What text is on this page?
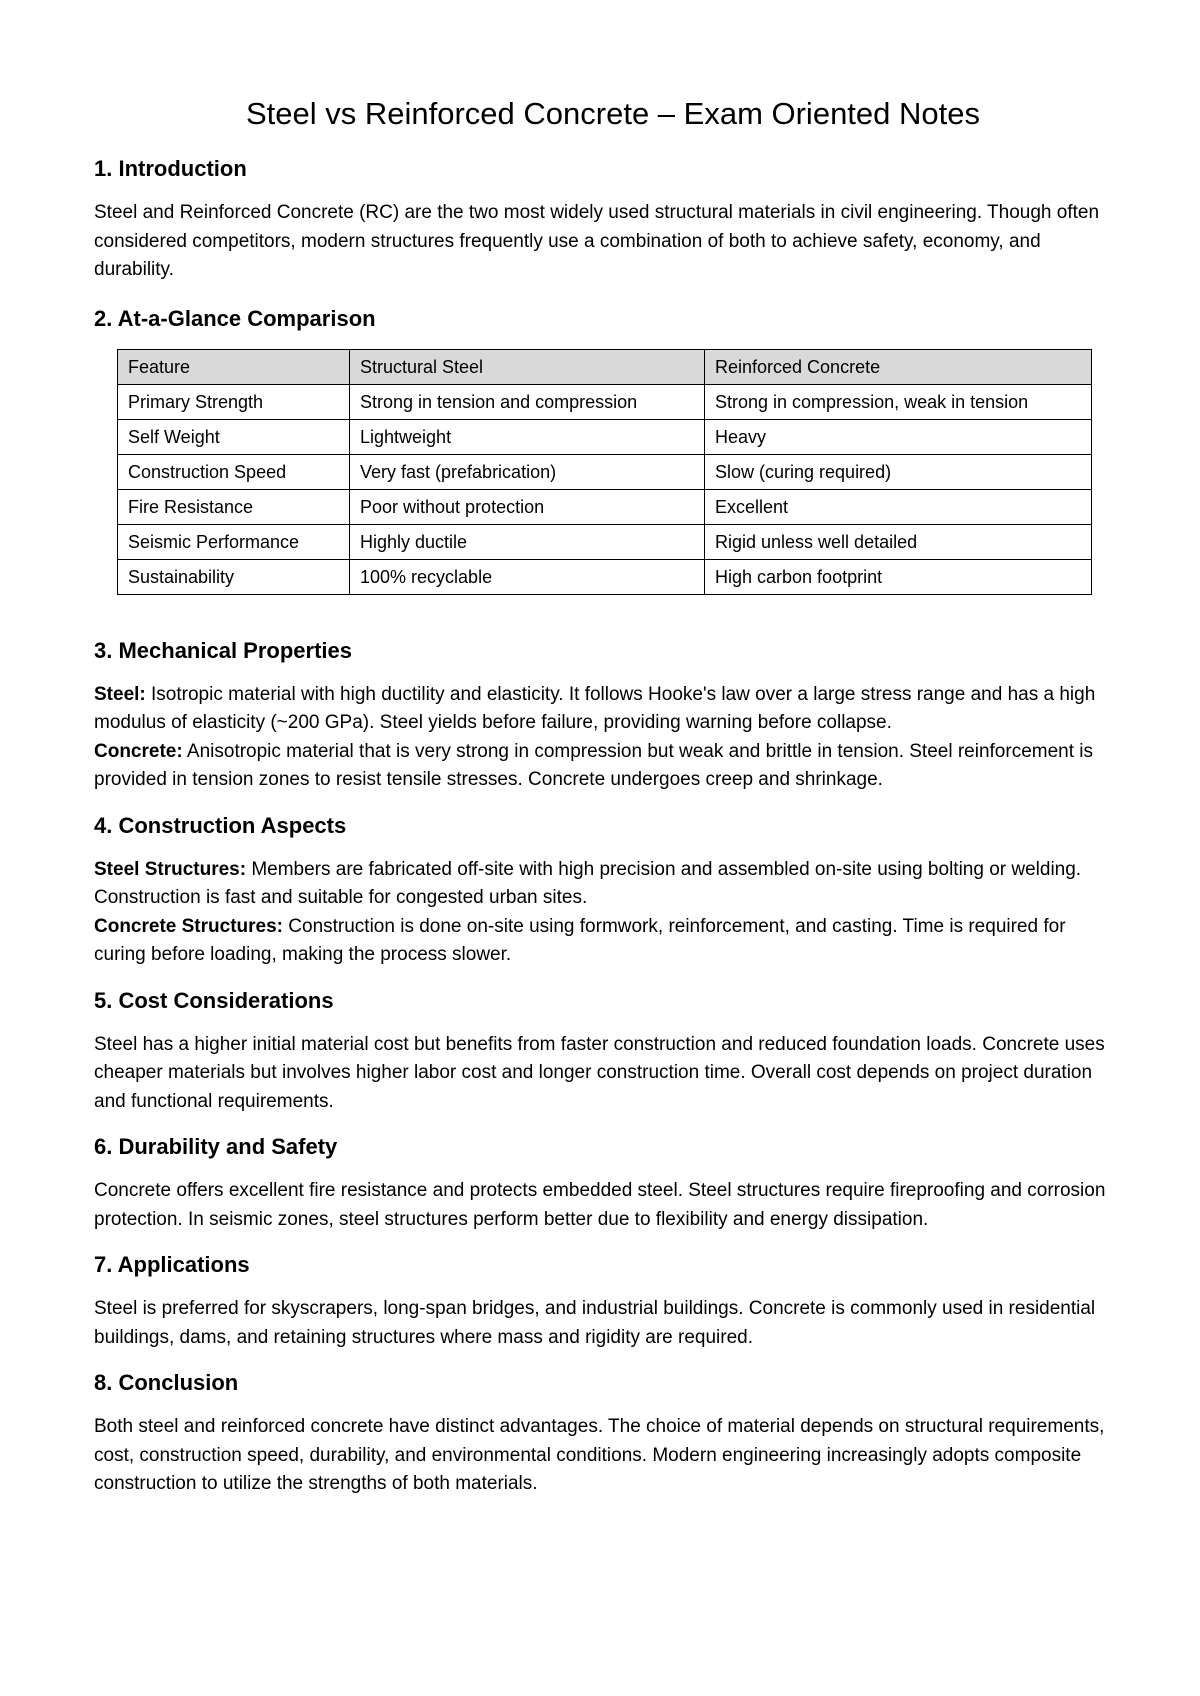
Steel vs Reinforced Concrete – Exam Oriented Notes
1. Introduction

Steel and Reinforced Concrete (RC) are the two most widely used structural materials in civil engineering. Though often considered competitors, modern structures frequently use a combination of both to achieve safety, economy, and durability.

2. At-a-Glance Comparison
Feature	Structural Steel	Reinforced Concrete
Primary Strength	Strong in tension and compression	Strong in compression, weak in tension
Self Weight	Lightweight	Heavy
Construction Speed	Very fast (prefabrication)	Slow (curing required)
Fire Resistance	Poor without protection	Excellent
Seismic Performance	Highly ductile	Rigid unless well detailed
Sustainability	100% recyclable	High carbon footprint
3. Mechanical Properties

Steel: Isotropic material with high ductility and elasticity. It follows Hooke's law over a large stress range and has a high modulus of elasticity (~200 GPa). Steel yields before failure, providing warning before collapse.
Concrete: Anisotropic material that is very strong in compression but weak and brittle in tension. Steel reinforcement is provided in tension zones to resist tensile stresses. Concrete undergoes creep and shrinkage.

4. Construction Aspects

Steel Structures: Members are fabricated off-site with high precision and assembled on-site using bolting or welding. Construction is fast and suitable for congested urban sites.
Concrete Structures: Construction is done on-site using formwork, reinforcement, and casting. Time is required for curing before loading, making the process slower.

5. Cost Considerations

Steel has a higher initial material cost but benefits from faster construction and reduced foundation loads. Concrete uses cheaper materials but involves higher labor cost and longer construction time. Overall cost depends on project duration and functional requirements.

6. Durability and Safety

Concrete offers excellent fire resistance and protects embedded steel. Steel structures require fireproofing and corrosion protection. In seismic zones, steel structures perform better due to flexibility and energy dissipation.

7. Applications

Steel is preferred for skyscrapers, long-span bridges, and industrial buildings. Concrete is commonly used in residential buildings, dams, and retaining structures where mass and rigidity are required.

8. Conclusion

Both steel and reinforced concrete have distinct advantages. The choice of material depends on structural requirements, cost, construction speed, durability, and environmental conditions. Modern engineering increasingly adopts composite construction to utilize the strengths of both materials.
